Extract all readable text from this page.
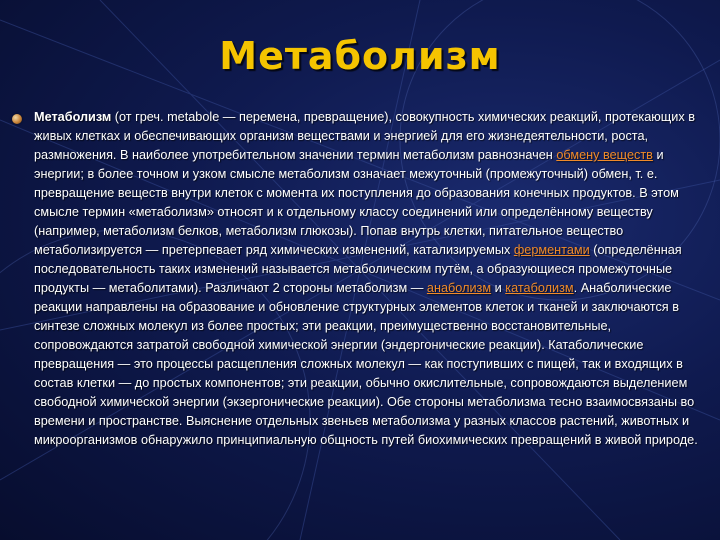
Метаболизм

Метаболизм (от греч. metabole — перемена, превращение), совокупность химических реакций, протекающих в живых клетках и обеспечивающих организм веществами и энергией для его жизнедеятельности, роста, размножения. В наиболее употребительном значении термин метаболизм равнозначен обмену веществ и энергии; в более точном и узком смысле метаболизм означает межуточный (промежуточный) обмен, т. е. превращение веществ внутри клеток с момента их поступления до образования конечных продуктов. В этом смысле термин «метаболизм» относят и к отдельному классу соединений или определённому веществу (например, метаболизм белков, метаболизм глюкозы). Попав внутрь клетки, питательное вещество метаболизируется — претерпевает ряд химических изменений, катализируемых ферментами (определённая последовательность таких изменений называется метаболическим путём, а образующиеся промежуточные продукты — метаболитами). Различают 2 стороны метаболизм — анаболизм и катаболизм. Анаболические реакции направлены на образование и обновление структурных элементов клеток и тканей и заключаются в синтезе сложных молекул из более простых; эти реакции, преимущественно восстановительные, сопровождаются затратой свободной химической энергии (эндергонические реакции). Катаболические превращения — это процессы расщепления сложных молекул — как поступивших с пищей, так и входящих в состав клетки — до простых компонентов; эти реакции, обычно окислительные, сопровождаются выделением свободной химической энергии (экзергонические реакции). Обе стороны метаболизма тесно взаимосвязаны во времени и пространстве. Выяснение отдельных звеньев метаболизма у разных классов растений, животных и микроорганизмов обнаружило принципиальную общность путей биохимических превращений в живой природе.
